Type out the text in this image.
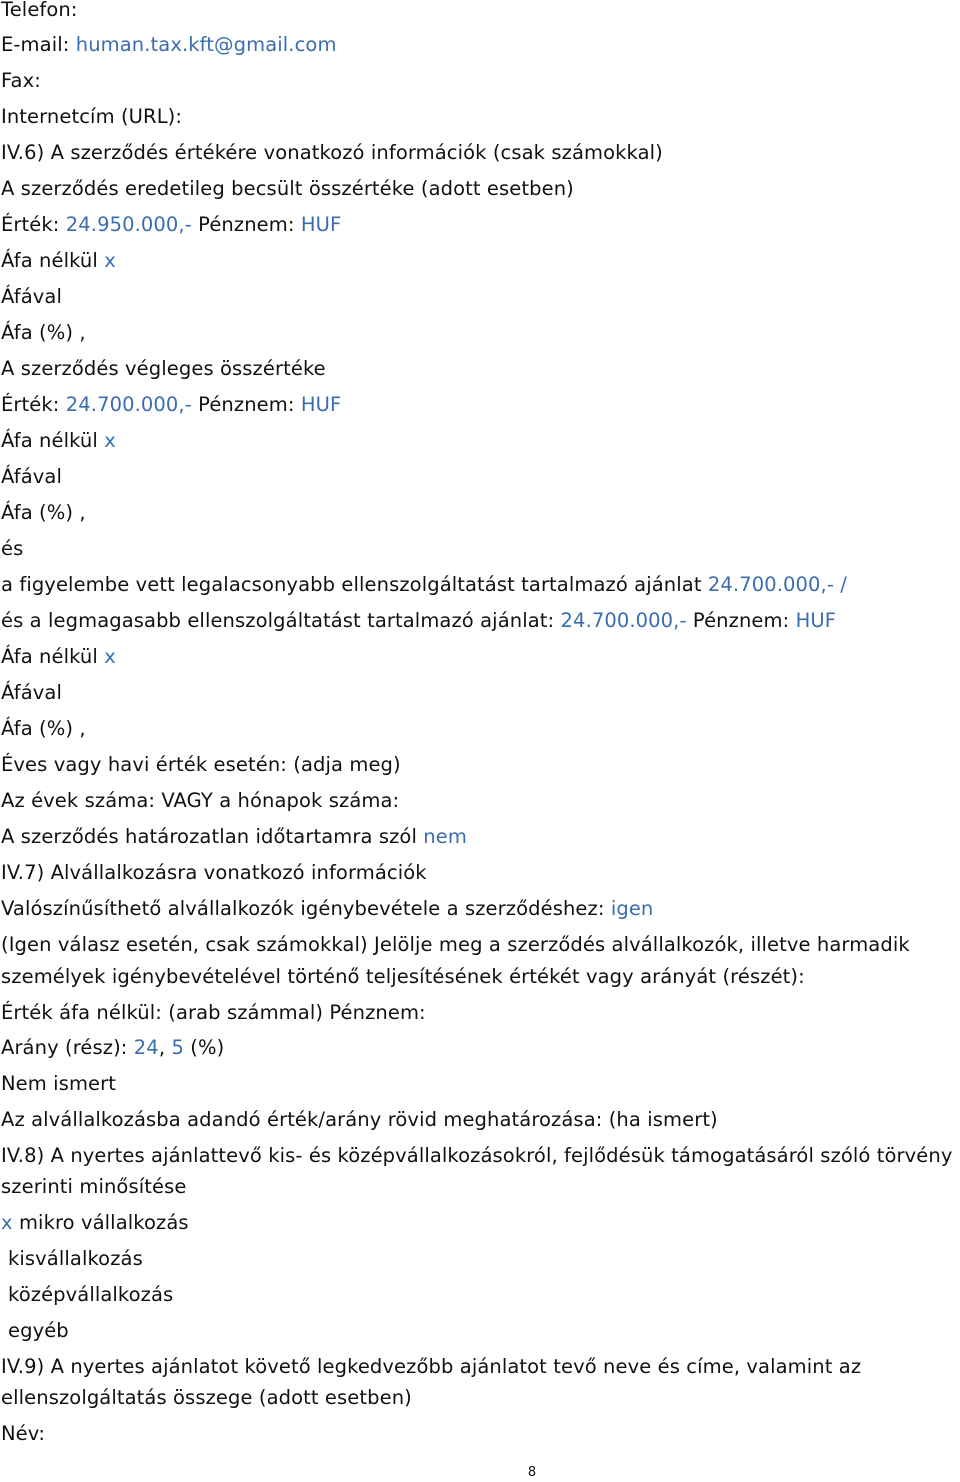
Telefon:

E-mail: human.tax.kft@gmail.com

Fax:

Internetcím (URL):

IV.6) A szerződés értékére vonatkozó információk (csak számokkal)

A szerződés eredetileg becsült összértéke (adott esetben)

Érték: 24.950.000,- Pénznem: HUF

Áfa nélkül x

Áfával

Áfa (%) ,

A szerződés végleges összértéke

Érték: 24.700.000,- Pénznem: HUF

Áfa nélkül x

Áfával

Áfa (%) ,

és

a figyelembe vett legalacsonyabb ellenszolgáltatást tartalmazó ajánlat 24.700.000,- /

és a legmagasabb ellenszolgáltatást tartalmazó ajánlat: 24.700.000,- Pénznem: HUF

Áfa nélkül x

Áfával

Áfa (%) ,

Éves vagy havi érték esetén: (adja meg)

Az évek száma: VAGY a hónapok száma:

A szerződés határozatlan időtartamra szól nem

IV.7) Alvállalkozásra vonatkozó információk

Valószínűsíthető alvállalkozók igénybevétele a szerződéshez: igen

(Igen válasz esetén, csak számokkal) Jelölje meg a szerződés alvállalkozók, illetve harmadik

személyek igénybevételével történő teljesítésének értékét vagy arányát (részét):

Érték áfa nélkül: (arab számmal) Pénznem:

Arány (rész): 24, 5 (%)

Nem ismert

Az alvállalkozásba adandó érték/arány rövid meghatározása: (ha ismert)

IV.8) A nyertes ajánlattevő kis- és középvállalkozásokról, fejlődésük támogatásáról szóló törvény

szerinti minősítése

x mikro vállalkozás

kisvállalkozás

középvállalkozás

egyéb

IV.9) A nyertes ajánlatot követő legkedvezőbb ajánlatot tevő neve és címe, valamint az

ellenszolgáltatás összege (adott esetben)

Név:

8
